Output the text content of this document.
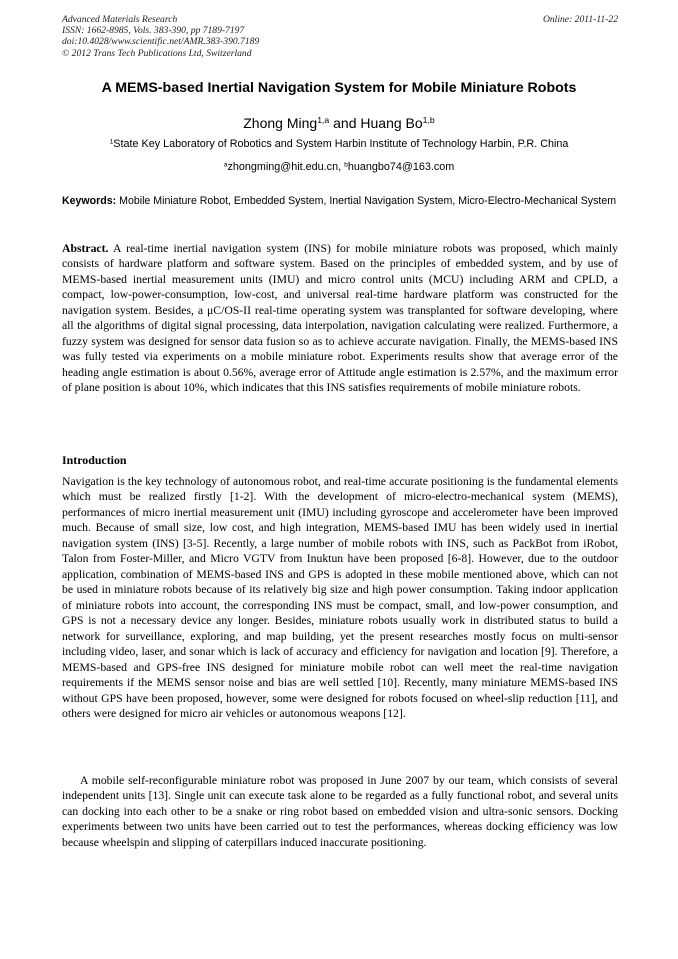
Advanced Materials Research
ISSN: 1662-8985, Vols. 383-390, pp 7189-7197
doi:10.4028/www.scientific.net/AMR.383-390.7189
© 2012 Trans Tech Publications Ltd, Switzerland
Online: 2011-11-22
A MEMS-based Inertial Navigation System for Mobile Miniature Robots
Zhong Ming$^{1,a}$ and Huang Bo$^{1,b}$
$^1$State Key Laboratory of Robotics and System Harbin Institute of Technology Harbin, P.R. China
$^a$zhongming@hit.edu.cn, $^b$huangbo74@163.com

Keywords: Mobile Miniature Robot, Embedded System, Inertial Navigation System, Micro-Electro-Mechanical System

Abstract. A real-time inertial navigation system (INS) for mobile miniature robots was proposed, which mainly consists of hardware platform and software system. Based on the principles of embedded system, and by use of MEMS-based inertial measurement units (IMU) and micro control units (MCU) including ARM and CPLD, a compact, low-power-consumption, low-cost, and universal real-time hardware platform was constructed for the navigation system. Besides, a μC/OS-II real-time operating system was transplanted for software developing, where all the algorithms of digital signal processing, data interpolation, navigation calculating were realized. Furthermore, a fuzzy system was designed for sensor data fusion so as to achieve accurate navigation. Finally, the MEMS-based INS was fully tested via experiments on a mobile miniature robot. Experiments results show that average error of the heading angle estimation is about 0.56%, average error of Attitude angle estimation is 2.57%, and the maximum error of plane position is about 10%, which indicates that this INS satisfies requirements of mobile miniature robots.

Introduction

Navigation is the key technology of autonomous robot, and real-time accurate positioning is the fundamental elements which must be realized firstly [1-2]. With the development of micro-electro-mechanical system (MEMS), performances of micro inertial measurement unit (IMU) including gyroscope and accelerometer have been improved much. Because of small size, low cost, and high integration, MEMS-based IMU has been widely used in inertial navigation system (INS) [3-5]. Recently, a large number of mobile robots with INS, such as PackBot from iRobot, Talon from Foster-Miller, and Micro VGTV from Inuktun have been proposed [6-8]. However, due to the outdoor application, combination of MEMS-based INS and GPS is adopted in these mobile mentioned above, which can not be used in miniature robots because of its relatively big size and high power consumption. Taking indoor application of miniature robots into account, the corresponding INS must be compact, small, and low-power consumption, and GPS is not a necessary device any longer. Besides, miniature robots usually work in distributed status to build a network for surveillance, exploring, and map building, yet the present researches mostly focus on multi-sensor including video, laser, and sonar which is lack of accuracy and efficiency for navigation and location [9]. Therefore, a MEMS-based and GPS-free INS designed for miniature mobile robot can well meet the real-time navigation requirements if the MEMS sensor noise and bias are well settled [10]. Recently, many miniature MEMS-based INS without GPS have been proposed, however, some were designed for robots focused on wheel-slip reduction [11], and others were designed for micro air vehicles or autonomous weapons [12].

A mobile self-reconfigurable miniature robot was proposed in June 2007 by our team, which consists of several independent units [13]. Single unit can execute task alone to be regarded as a fully functional robot, and several units can docking into each other to be a snake or ring robot based on embedded vision and ultra-sonic sensors. Docking experiments between two units have been carried out to test the performances, whereas docking efficiency was low because wheelspin and slipping of caterpillars induced inaccurate positioning.
